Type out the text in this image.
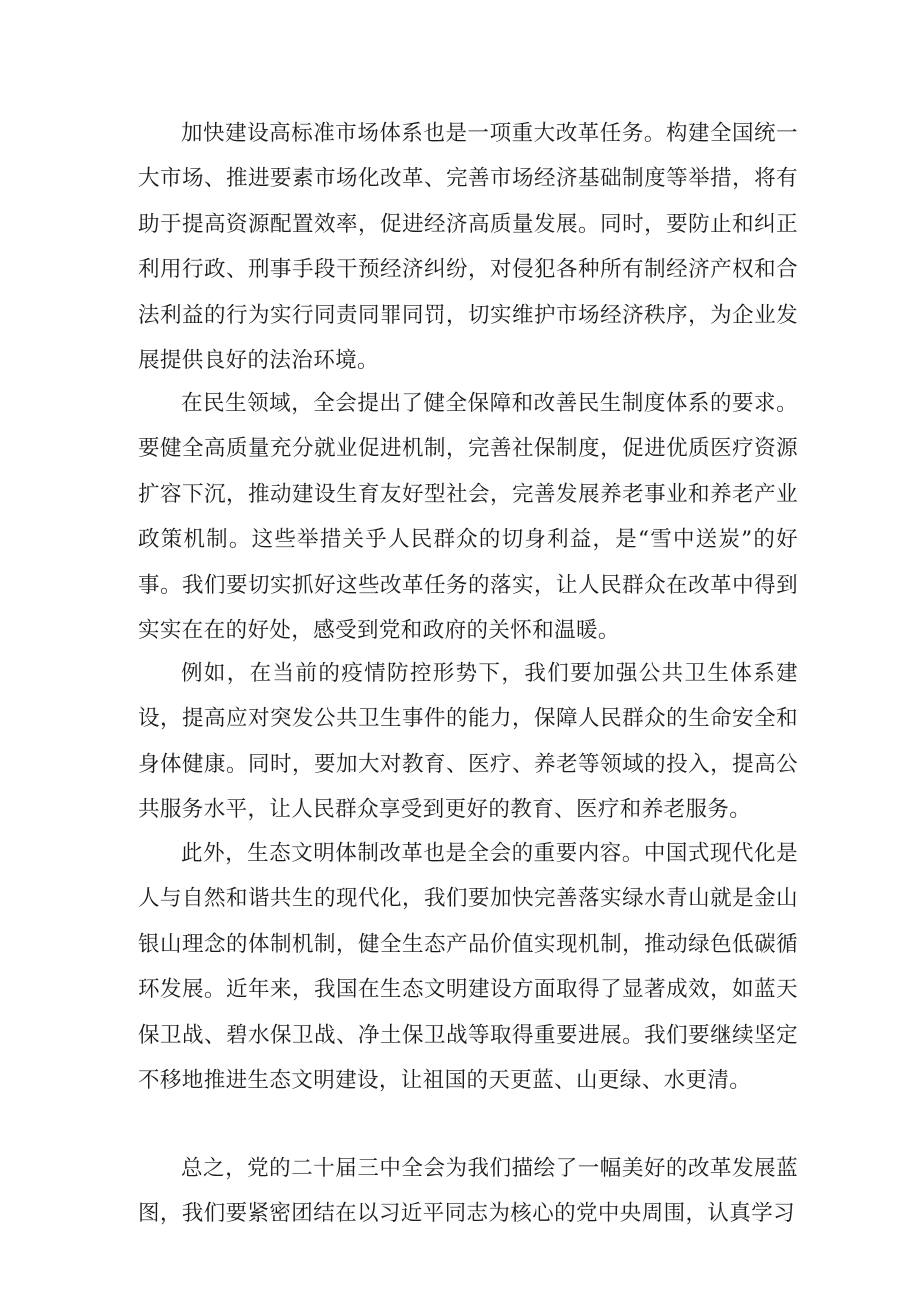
加快建设高标准市场体系也是一项重大改革任务。构建全国统一大市场、推进要素市场化改革、完善市场经济基础制度等举措，将有助于提高资源配置效率，促进经济高质量发展。同时，要防止和纠正利用行政、刑事手段干预经济纠纷，对侵犯各种所有制经济产权和合法利益的行为实行同责同罪同罚，切实维护市场经济秩序，为企业发展提供良好的法治环境。

在民生领域，全会提出了健全保障和改善民生制度体系的要求。要健全高质量充分就业促进机制，完善社保制度，促进优质医疗资源扩容下沉，推动建设生育友好型社会，完善发展养老事业和养老产业政策机制。这些举措关乎人民群众的切身利益，是“雪中送炭”的好事。我们要切实抓好这些改革任务的落实，让人民群众在改革中得到实实在在的好处，感受到党和政府的关怀和温暖。

例如，在当前的疫情防控形势下，我们要加强公共卫生体系建设，提高应对突发公共卫生事件的能力，保障人民群众的生命安全和身体健康。同时，要加大对教育、医疗、养老等领域的投入，提高公共服务水平，让人民群众享受到更好的教育、医疗和养老服务。

此外，生态文明体制改革也是全会的重要内容。中国式现代化是人与自然和谐共生的现代化，我们要加快完善落实绿水青山就是金山银山理念的体制机制，健全生态产品价值实现机制，推动绿色低碳循环发展。近年来，我国在生态文明建设方面取得了显著成效，如蓝天保卫战、碧水保卫战、净土保卫战等取得重要进展。我们要继续坚定不移地推进生态文明建设，让祖国的天更蓝、山更绿、水更清。

总之，党的二十届三中全会为我们描绘了一幅美好的改革发展蓝图，我们要紧密团结在以习近平同志为核心的党中央周围，认真学习
